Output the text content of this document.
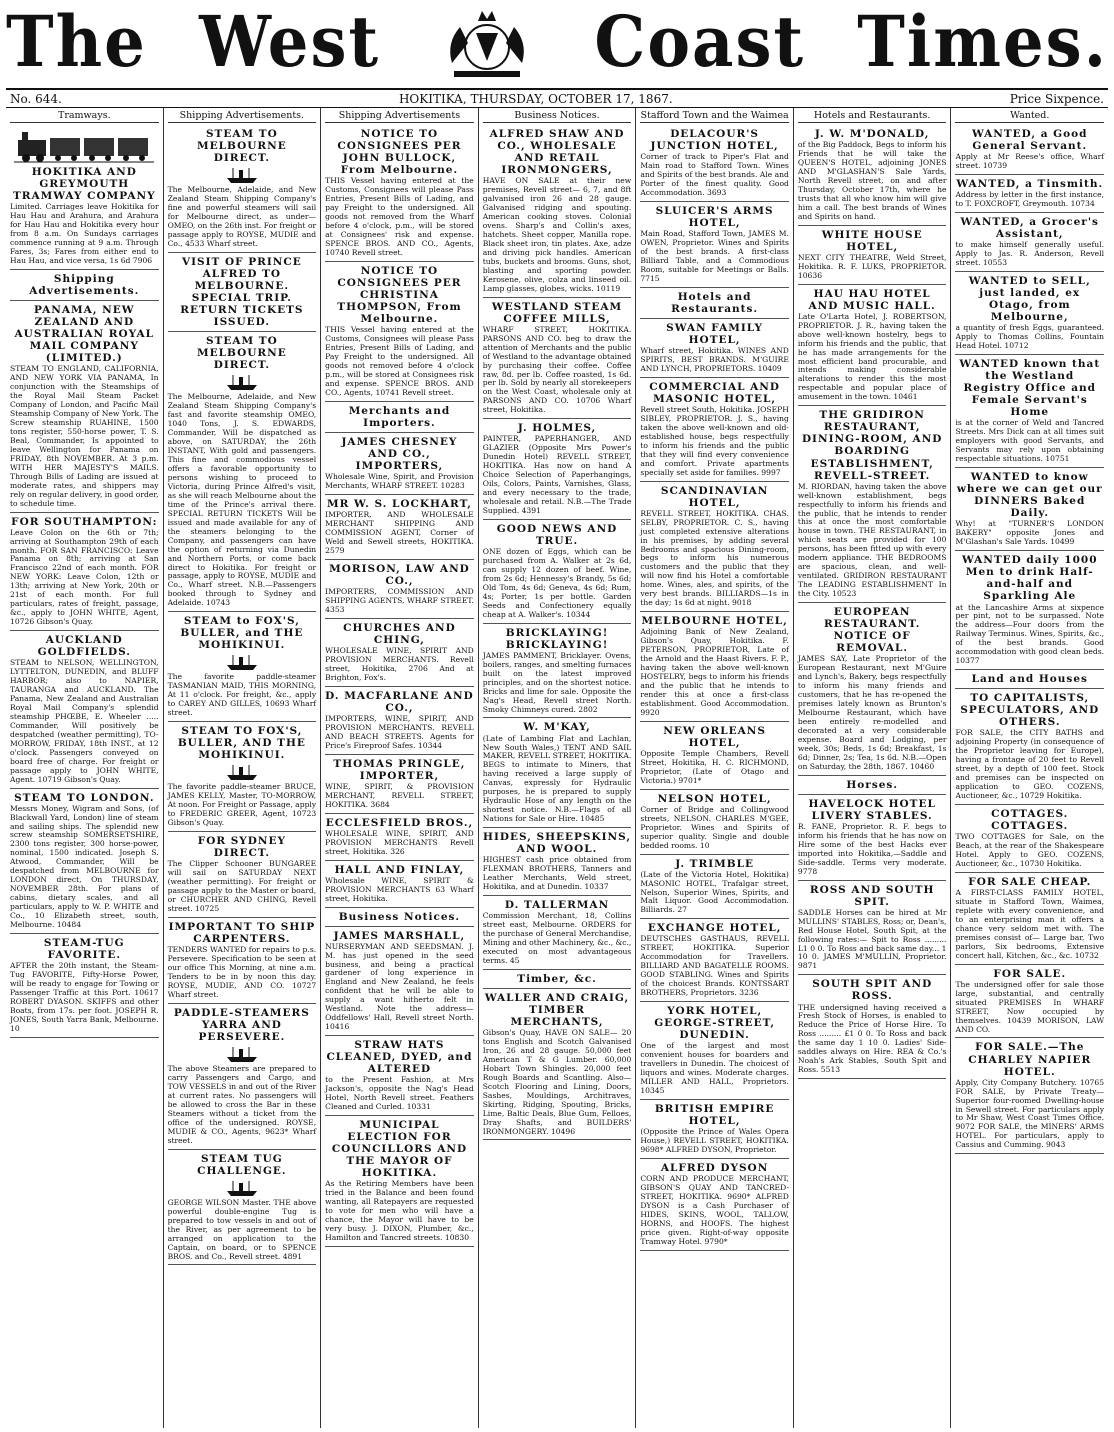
The West	Coast Times.
No. 644.	HOKITIKA, THURSDAY, OCTOBER 17, 1867.	Price Sixpence.
Tramways.
HOKITIKA AND GREYMOUTH TRAMWAY COMPANY
Limited. Carriages leave Hokitika for Hau Hau and Arahura, and Arahura for Hau Hau and Hokitika every hour from 8 a.m. On Sundays carriages commence running at 9 a.m. Through Fares, 3s; Fares from either end to Hau Hau, and vice versa, 1s 6d 7906
Shipping Advertisements.
PANAMA, NEW ZEALAND AND AUSTRALIAN ROYAL MAIL COMPANY (LIMITED.)
STEAM TO ENGLAND, CALIFORNIA, AND NEW YORK VIA PANAMA, In conjunction with the Steamships of the Royal Mail Steam Packet Company of London, and Pacific Mail Steamship Company of New York. The Screw steamship RUAHINE, 1500 tons register, 550-horse power, T. S. Beal, Commander, Is appointed to leave Wellington for Panama on FRIDAY, 8th NOVEMBER. At 3 p.m. WITH HER MAJESTY'S MAILS. Through Bills of Lading are issued at moderate rates, and shippers may rely on regular delivery, in good order, to schedule time.
FOR SOUTHAMPTON:
Leave Colon on the 6th or 7th; arriving at Southampton 29th of each month. FOR SAN FRANCISCO: Leave Panama on 8th; arriving at San Francisco 22nd of each month. FOR NEW YORK: Leave Colon, 12th or 13th; arriving at New York, 20th or 21st of each month. For full particulars, rates of freight, passage, &c., apply to JOHN WHITE, Agent, 10726 Gibson's Quay.
AUCKLAND GOLDFIELDS.
STEAM to NELSON, WELLINGTON, LYTTELTON, DUNEDIN, and BLUFF HARBOR; also to NAPIER, TAURANGA and AUCKLAND. The Panama, New Zealand and Australian Royal Mail Company's splendid steamship PHŒBE, E. Wheeler ..... Commander, Will positively be despatched (weather permitting), TO-MORROW, FRIDAY, 18th INST., at 12 o'clock. Passengers conveyed on board free of charge. For freight or passage apply to JOHN WHITE, Agent. 10719 Gibson's Quay.
STEAM TO LONDON.
Messrs Money, Wigram and Sons, (of Blackwall Yard, London) line of steam and sailing ships. The splendid new screw steamship SOMERSETSHIRE, 2300 tons register, 300 horse-power, nominal, 1500 indicated. Joseph S. Atwood, Commander, Will be despatched from MELBOURNE for LONDON direct, On THURSDAY, NOVEMBER 28th. For plans of cabins, dietary scales, and all particulars, apply to W. P. WHITE and Co., 10 Elizabeth street, south, Melbourne. 10484
STEAM-TUG FAVORITE.
AFTER the 20th instant, the Steam-Tug FAVORITE, Fifty-Horse Power, will be ready to engage for Towing or Passenger Traffic at this Port. 10617 ROBERT DYASON. SKIFFS and other Boats, from 17s. per foot. JOSEPH R. JONES, South Yarra Bank, Melbourne. 10
Shipping Advertisements.
STEAM TO MELBOURNE DIRECT.
The Melbourne, Adelaide, and New Zealand Steam Shipping Company's fine and powerful steamers will sail for Melbourne direct, as under— OMEO, on the 26th inst. For freight or passage apply to ROYSE, MUDIE and Co., 4533 Wharf street.
VISIT OF PRINCE ALFRED TO MELBOURNE. SPECIAL TRIP. RETURN TICKETS ISSUED.
STEAM TO MELBOURNE DIRECT.
The Melbourne, Adelaide, and New Zealand Steam Shipping Company's fast and favorite steamship OMEO, 1040 Tons, J. S. EDWARDS, Commander, Will be dispatched as above, on SATURDAY, the 26th INSTANT, With gold and passengers. This fine and commodious vessel offers a favorable opportunity to persons wishing to proceed to Victoria, during Prince Alfred's visit, as she will reach Melbourne about the time of the Prince's arrival there. SPECIAL RETURN TICKETS Will be issued and made available for any of the steamers belonging to the Company, and passengers can have the option of returning via Dunedin and Northern Ports, or come back direct to Hokitika. For freight or passage, apply to ROYSE, MUDIE and Co., Wharf street. N.B.—Passengers booked through to Sydney and Adelaide. 10743
STEAM to FOX'S, BULLER, and THE MOHIKINUI.
The favorite paddle-steamer TASMANIAN MAID, THIS MORNING, At 11 o'clock. For freight, &c., apply to CAREY AND GILLES, 10693 Wharf street.
STEAM TO FOX'S, BULLER, AND THE MOHIKINUI.
The favorite paddle-steamer BRUCE, JAMES KELLY, Master, TO-MORROW, At noon. For Freight or Passage, apply to FREDERIC GREER, Agent, 10723 Gibson's Quay.
FOR SYDNEY DIRECT.
The Clipper Schooner BUNGAREE will sail on SATURDAY NEXT (weather permitting). For freight or passage apply to the Master or board, or CHURCHER AND CHING, Revell street. 10725
IMPORTANT TO SHIP CARPENTERS.
TENDERS WANTED for repairs to p.s. Persevere. Specification to be seen at our office This Morning, at nine a.m. Tenders to be in by noon this day. ROYSE, MUDIE, AND CO. 10727 Wharf street.
PADDLE-STEAMERS YARRA AND PERSEVERE.
The above Steamers are prepared to carry Passengers and Cargo, and TOW VESSELS in and out of the River at current rates. No passengers will be allowed to cross the Bar in these Steamers without a ticket from the office of the undersigned. ROYSE, MUDIE & CO., Agents, 9623* Wharf street.
STEAM TUG CHALLENGE.
GEORGE WILSON Master. THE above powerful double-engine Tug is prepared to tow vessels in and out of the River, as per agreement to be arranged on application to the Captain, on board, or to SPENCE BROS. and Co., Revell street. 4891
Shipping Advertisements
NOTICE TO CONSIGNEES PER JOHN BULLOCK, From Melbourne.
THIS Vessel having entered at the Customs, Consignees will please Pass Entries, Present Bills of Lading, and pay Freight to the undersigned. All goods not removed from the Wharf before 4 o'clock, p.m., will be stored at Consignees' risk and expense. SPENCE BROS. AND CO., Agents, 10740 Revell street.
NOTICE TO CONSIGNEES PER CHRISTINA THOMPSON, From Melbourne.
THIS Vessel having entered at the Customs, Consignees will please Pass Entries, Present Bills of Lading, and Pay Freight to the undersigned. All goods not removed before 4 o'clock p.m., will be stored at Consignees risk and expense. SPENCE BROS. AND CO., Agents, 10741 Revell street.
Merchants and Importers.
JAMES CHESNEY AND CO., IMPORTERS,
Wholesale Wine, Spirit, and Provision Merchants, WHARF STREET. 10283
MR W. S. LOCKHART,
IMPORTER, AND WHOLESALE MERCHANT SHIPPING AND COMMISSION AGENT, Corner of Weld and Sewell streets, HOKITIKA. 2579
MORISON, LAW AND CO.,
IMPORTERS, COMMISSION AND SHIPPING AGENTS, WHARF STREET. 4353
CHURCHES AND CHING,
WHOLESALE WINE, SPIRIT AND PROVISION MERCHANTS. Revell street, Hokitika, 2706 And at Brighton, Fox's.
D. MACFARLANE AND CO.,
IMPORTERS, WINE, SPIRIT, AND PROVISION MERCHANTS. REVELL AND BEACH STREETS. Agents for Price's Fireproof Safes. 10344
THOMAS PRINGLE, IMPORTER,
WINE, SPIRIT, & PROVISION MERCHANT, REVELL STREET, HOKITIKA. 3684
ECCLESFIELD BROS.,
WHOLESALE WINE, SPIRIT, AND PROVISION MERCHANTS Revell street, Hokitika. 326
HALL AND FINLAY,
Wholesale WINE, SPIRIT & PROVISION MERCHANTS 63 Wharf street, Hokitika.
Business Notices.
JAMES MARSHALL,
NURSERYMAN AND SEEDSMAN. J. M. has just opened in the seed business, and being a practical gardener of long experience in England and New Zealand, he feels confident that he will be able to supply a want hitherto felt in Westland. Note the address—Oddfellows' Hall, Revell street North. 10416
STRAW HATS CLEANED, DYED, and ALTERED
to the Present Fashion, at Mrs Jackson's, opposite the Nag's Head Hotel, North Revell street. Feathers Cleaned and Curled. 10331
MUNICIPAL ELECTION FOR COUNCILLORS AND THE MAYOR OF HOKITIKA.
As the Retiring Members have been tried in the Balance and been found wanting, all Ratepayers are requested to vote for men who will have a chance, the Mayor will have to be very busy. J. DIXON, Plumber, &c., Hamilton and Tancred streets. 10830
Business Notices.
ALFRED SHAW AND CO., WHOLESALE AND RETAIL IRONMONGERS,
HAVE ON SALE at their new premises, Revell street— 6, 7, and 8ft galvanised iron 26 and 28 gauge. Galvanised ridging and spouting. American cooking stoves. Colonial ovens. Sharp's and Collin's axes, hatchets. Sheet copper, Manilla rope. Black sheet iron, tin plates. Axe, adze and driving pick handles. American tubs, buckets and brooms. Guns, shot, blasting and sporting powder. Kerosene, olive, colza and linseed oil. Lamp glasses, globes, wicks. 10119
WESTLAND STEAM COFFEE MILLS,
WHARF STREET, HOKITIKA. PARSONS AND CO. beg to draw the attention of Merchants and the public of Westland to the advantage obtained by purchasing their coffee. Coffee raw, 8d. per lb. Coffee roasted, 1s 6d. per lb. Sold by nearly all storekeepers on the West Coast, wholesale only at PARSONS AND CO. 10706 Wharf street, Hokitika.
J. HOLMES,
PAINTER, PAPERHANGER, AND GLAZIER (Opposite Mrs Power's Dunedin Hotel) REVELL STREET, HOKITIKA. Has now on hand A Choice Selection of Paperhangings, Oils, Colors, Paints, Varnishes, Glass, and every necessary to the trade, wholesale and retail. N.B.—The Trade Supplied. 4391
GOOD NEWS AND TRUE.
ONE dozen of Eggs, which can be purchased from A. Walker at 2s 6d, can supply 12 dozen of beef. Wine, from 2s 6d; Hennessy's Brandy, 5s 6d; Old Tom, 4s 6d; Geneva, 4s 6d; Rum, 4s; Porter, 1s per bottle. Garden Seeds and Confectionery equally cheap at A. Walker's. 10344
BRICKLAYING! BRICKLAYING!
JAMES PAMMENT, Bricklayer. Ovens, boilers, ranges, and smelting furnaces built on the latest improved principles, and on the shortest notice. Bricks and lime for sale. Opposite the Nag's Head, Revell street North. Smoky Chimneys cured. 2802
W. M'KAY,
(Late of Lambing Flat and Lachlan, New South Wales,) TENT AND SAIL MAKER, REVELL STREET, HOKITIKA. BEGS to intimate to Miners, that having received a large supply of Canvas, expressly for Hydraulic purposes, he is prepared to supply Hydraulic Hose of any length on the shortest notice. N.B.—Flags of all Nations for Sale or Hire. 10485
HIDES, SHEEPSKINS, AND WOOL.
HIGHEST cash price obtained from FLEXMAN BROTHERS, Tanners and Leather Merchants, Weld street, Hokitika, and at Dunedin. 10337
D. TALLERMAN
Commission Merchant, 18, Collins street east, Melbourne. ORDERS for the purchase of General Merchandise, Mining and other Machinery, &c., &c., executed on most advantageous terms. 45
Timber, &c.
WALLER AND CRAIG, TIMBER MERCHANTS,
Gibson's Quay, HAVE ON SALE— 20 tons English and Scotch Galvanised Iron, 26 and 28 gauge. 50,000 feet American T & G Lumber. 60,000 Hobart Town Shingles. 20,000 feet Rough Boards and Scantling. Also— Scotch Flooring and Lining, Doors, Sashes, Mouldings, Architraves, Skirting, Ridging, Spouting, Bricks, Lime, Baltic Deals, Blue Gum, Felloes, Dray Shafts, and BUILDERS' IRONMONGERY. 10496
Stafford Town and the Waimea
DELACOUR'S JUNCTION HOTEL,
Corner of track to Piper's Flat and Main road to Stafford Town. Wines and Spirits of the best brands. Ale and Porter of the finest quality. Good Accommodation. 3693
SLUICER'S ARMS HOTEL,
Main Road, Stafford Town, JAMES M. OWEN, Proprietor. Wines and Spirits of the best brands. A first-class Billiard Table, and a Commodious Room, suitable for Meetings or Balls. 7715
Hotels and Restaurants.
SWAN FAMILY HOTEL,
Wharf street, Hokitika. WINES AND SPIRITS, BEST BRANDS. M'GUIRE AND LYNCH, PROPRIETORS. 10409
COMMERCIAL AND MASONIC HOTEL,
Revell street South, Hokitika. JOSEPH SIBLEY, PROPRIETOR. J. S., having taken the above well-known and old-established house, begs respectfully to inform his friends and the public that they will find every convenience and comfort. Private apartments specially set aside for families. 9997
SCANDINAVIAN HOTEL,
REVELL STREET, HOKITIKA. CHAS. SELBY, PROPRIETOR. C. S., having just completed extensive alterations in his premises, by adding several Bedrooms and spacious Dining-room, begs to inform his numerous customers and the public that they will now find his Hotel a comfortable home. Wines, ales, and spirits, of the very best brands. BILLIARDS—1s in the day; 1s 6d at night. 9018
MELBOURNE HOTEL,
Adjoining Bank of New Zealand, Gibson's Quay, Hokitika. F. PETERSON, PROPRIETOR, Late of the Arnold and the Haast Rivers. F. P., having taken the above well-known HOSTELRY, begs to inform his friends and the public that he intends to render this at once a first-class establishment. Good Accommodation. 9920
NEW ORLEANS HOTEL,
Opposite Temple Chambers, Revell Street, Hokitika, H. C. RICHMOND, Proprietor, (Late of Otago and Victoria.) 9701*
NELSON HOTEL,
Corner of Bridge and Collingwood streets, NELSON. CHARLES M'GEE, Proprietor. Wines and Spirits of superior quality. Single and double bedded rooms. 10
J. TRIMBLE
(Late of the Victoria Hotel, Hokitika) MASONIC HOTEL, Trafalgar street, Nelson, Superior Wines, Spirits, and Malt Liquor. Good Accommodation. Billiards. 27
EXCHANGE HOTEL,
DEUTSCHES GASTHAUS, REVELL STREET, HOKITIKA. Superior Accommodation for Travellers. BILLIARD AND BAGATELLE ROOMS. GOOD STABLING. Wines and Spirits of the choicest Brands. KONTSSART BROTHERS, Proprietors. 3236
YORK HOTEL, GEORGE-STREET, DUNEDIN.
One of the largest and most convenient houses for boarders and travellers in Dunedin. The choicest of liquors and wines. Moderate charges. MILLER AND HALL, Proprietors. 10345
BRITISH EMPIRE HOTEL,
(Opposite the Prince of Wales Opera House,) REVELL STREET, HOKITIKA. 9698* ALFRED DYSON, Proprietor.
ALFRED DYSON
CORN AND PRODUCE MERCHANT, GIBSON'S QUAY AND TANCRED-STREET, HOKITIKA. 9690* ALFRED DYSON is a Cash Purchaser of HIDES, SKINS, WOOL, TALLOW, HORNS, and HOOFS. The highest price given. Right-of-way opposite Tramway Hotel. 9790*
Hotels and Restaurants.
J. W. M'DONALD,
of the Big Paddock, Begs to inform his Friends that he will take the QUEEN'S HOTEL, adjoining JONES AND M'GLASHAN'S Sale Yards, North Revell street, on and after Thursday, October 17th, where he trusts that all who know him will give him a call. The best brands of Wines and Spirits on hand.
WHITE HOUSE HOTEL,
NEXT CITY THEATRE, Weld Street, Hokitika. R. F. LUKS, PROPRIETOR. 10636
HAU HAU HOTEL AND MUSIC HALL.
Late O'Larta Hotel, J. ROBERTSON, PROPRIETOR. J. R., having taken the above well-known hostelry, begs to inform his friends and the public, that he has made arrangements for the most efficient band procurable, and intends making considerable alterations to render this the most respectable and popular place of amusement in the town. 10461
THE GRIDIRON RESTAURANT, DINING-ROOM, AND BOARDING ESTABLISHMENT, REVELL-STREET.
M. RIORDAN, having taken the above well-known establishment, begs respectfully to inform his friends and the public, that he intends to render this at once the most comfortable house in town. THE RESTAURANT, in which seats are provided for 100 persons, has been fitted up with every modern appliance. THE BEDROOMS are spacious, clean, and well-ventilated. GRIDIRON RESTAURANT The LEADING ESTABLISHMENT In the City. 10523
EUROPEAN RESTAURANT. NOTICE OF REMOVAL.
JAMES SAY, Late Proprietor of the European Restaurant, next M'Guire and Lynch's, Bakery, begs respectfully to inform his many friends and customers, that he has re-opened the premises lately known as Brunton's Melbourne Restaurant, which have been entirely re-modelled and decorated at a very considerable expense. Board and Lodging, per week, 30s; Beds, 1s 6d; Breakfast, 1s 6d; Dinner, 2s; Tea, 1s 6d. N.B.—Open on Saturday, the 28th, 1867. 10460
Horses.
HAVELOCK HOTEL LIVERY STABLES.
R. FANE, Proprietor. R. F. begs to inform his friends that he has now on Hire some of the best Hacks ever imported into Hokitika,—Saddle and Side-saddle. Terms very moderate. 9778
ROSS AND SOUTH SPIT.
SADDLE Horses can be hired at Mr MULLINS' STABLES, Ross; or, Dean's, Red House Hotel, South Spit, at the following rates:— Spit to Ross ......... L1 0 0. To Ross and back same day... 1 10 0. JAMES M'MULLIN, Proprietor. 9871
SOUTH SPIT AND ROSS.
THE undersigned having received a Fresh Stock of Horses, is enabled to Reduce the Price of Horse Hire. To Ross ......... £1 0 0. To Ross and back the same day 1 10 0. Ladies' Side-saddles always on Hire. REA & Co.'s Noah's Ark Stables, South Spit and Ross. 5513
Wanted.
WANTED, a Good General Servant.
Apply at Mr Reese's office, Wharf street. 10739
WANTED, a Tinsmith.
Address by letter in the first instance, to T. FOXCROFT, Greymouth. 10734
WANTED, a Grocer's Assistant,
to make himself generally useful. Apply to Jas. R. Anderson, Revell street. 10553
WANTED to SELL, just landed, ex Otago, from Melbourne,
a quantity of fresh Eggs, guaranteed. Apply to Thomas Collins, Fountain Head Hotel. 10712
WANTED known that the Westland Registry Office and Female Servant's Home
is at the corner of Weld and Tancred Streets. Mrs Dick can at all times suit employers with good Servants, and Servants may rely upon obtaining respectable situations. 10751
WANTED to know where we can get our DINNERS Baked Daily.
Why! at "TURNER'S LONDON BAKERY" opposite Jones and M'Glashan's Sale Yards. 10499
WANTED daily 1000 Men to drink Half-and-half and Sparkling Ale
at the Lancashire Arms at sixpence per pint, not to be surpassed. Note the address—Four doors from the Railway Terminus. Wines, Spirits, &c., of the best brands. Good accommodation with good clean beds. 10377
Land and Houses
TO CAPITALISTS, SPECULATORS, AND OTHERS.
FOR SALE, the CITY BATHS and adjoining Property (in consequence of the Proprietor leaving for Europe), having a frontage of 20 feet to Revell street, by a depth of 100 feet. Stock and premises can be inspected on application to GEO. COZENS, Auctioneer, &c., 10729 Hokitika.
COTTAGES. COTTAGES.
TWO COTTAGES for Sale, on the Beach, at the rear of the Shakespeare Hotel. Apply to GEO. COZENS, Auctioneer, &c., 10730 Hokitika.
FOR SALE CHEAP.
A FIRST-CLASS FAMILY HOTEL, situate in Stafford Town, Waimea, replete with every convenience, and to an enterprising man it offers a chance very seldom met with. The premises consist of— Large bar, Two parlors, Six bedrooms, Extensive concert hall, Kitchen, &c., &c. 10732
FOR SALE.
The undersigned offer for sale those large, substantial, and centrally situated PREMISES In WHARF STREET, Now occupied by themselves. 10439 MORISON, LAW AND CO.
FOR SALE.—The CHARLEY NAPIER HOTEL.
Apply, City Company Butchery. 10765 FOR SALE, by Private Treaty—Superior four-roomed Dwelling-house in Sewell street. For particulars apply to Mr Shaw, West Coast Times Office. 9072 FOR SALE, the MINERS' ARMS HOTEL. For particulars, apply to Cassius and Cumming. 9043
